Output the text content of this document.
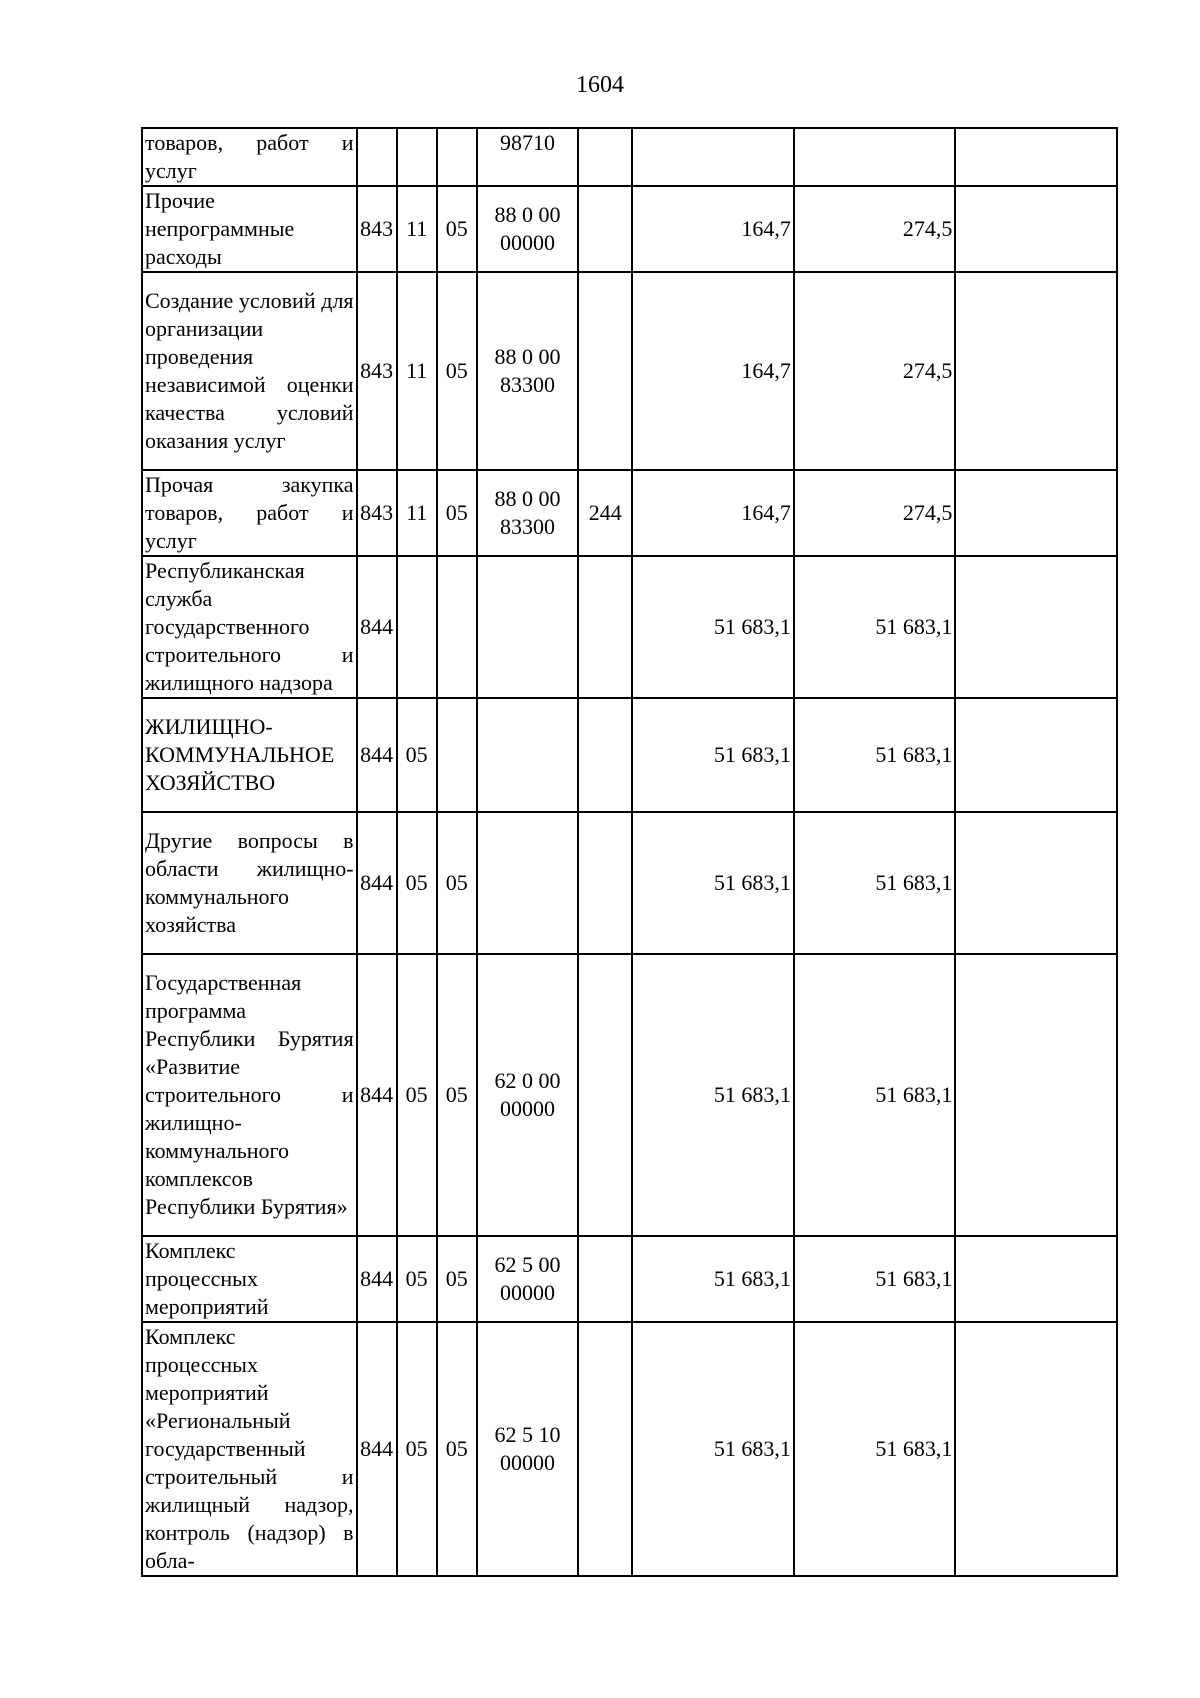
1604
товаров, работ и услуг				98710				
Прочие непрограммные расходы	843	11	05	88 0 00 00000		164,7	274,5	
Создание условий для организации проведения независимой оценки качества условий оказания услуг	843	11	05	88 0 00 83300		164,7	274,5	
Прочая закупка товаров, работ и услуг	843	11	05	88 0 00 83300	244	164,7	274,5	
Республиканская служба государственного строительного и жилищного надзора	844					51 683,1	51 683,1	
ЖИЛИЩНО-КОММУНАЛЬНОЕ ХОЗЯЙСТВО	844	05				51 683,1	51 683,1	
Другие вопросы в области жилищно-коммунального хозяйства	844	05	05			51 683,1	51 683,1	
Государственная программа Республики Бурятия «Развитие строительного и жилищно-коммунального комплексов Республики Бурятия»	844	05	05	62 0 00 00000		51 683,1	51 683,1	
Комплекс процессных мероприятий	844	05	05	62 5 00 00000		51 683,1	51 683,1	
Комплекс процессных мероприятий «Региональный государственный строительный и жилищный надзор, контроль (надзор) в обла-	844	05	05	62 5 10 00000		51 683,1	51 683,1	
